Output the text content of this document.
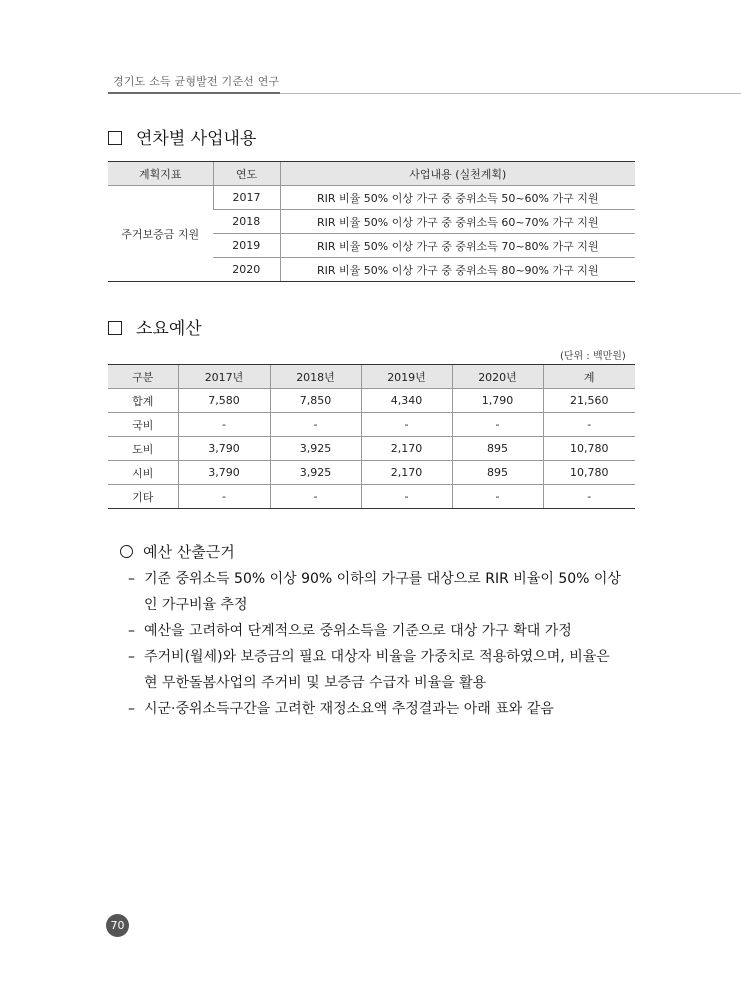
경기도 소득 균형발전 기준선 연구
연차별 사업내용
계획지표	연도	사업내용 (실천계획)
주거보증금 지원	2017	RIR 비율 50% 이상 가구 중 중위소득 50~60% 가구 지원
	2018	RIR 비율 50% 이상 가구 중 중위소득 60~70% 가구 지원
	2019	RIR 비율 50% 이상 가구 중 중위소득 70~80% 가구 지원
	2020	RIR 비율 50% 이상 가구 중 중위소득 80~90% 가구 지원
소요예산
(단위 : 백만원)
구분	2017년	2018년	2019년	2020년	계
합계	7,580	7,850	4,340	1,790	21,560
국비	-	-	-	-	-
도비	3,790	3,925	2,170	895	10,780
시비	3,790	3,925	2,170	895	10,780
기타	-	-	-	-	-
예산 산출근거
– 기준 중위소득 50% 이상 90% 이하의 가구를 대상으로 RIR 비율이 50% 이상
인 가구비율 추정
– 예산을 고려하여 단계적으로 중위소득을 기준으로 대상 가구 확대 가정
– 주거비(월세)와 보증금의 필요 대상자 비율을 가중치로 적용하였으며, 비율은
현 무한돌봄사업의 주거비 및 보증금 수급자 비율을 활용
– 시군·중위소득구간을 고려한 재정소요액 추정결과는 아래 표와 같음
70
